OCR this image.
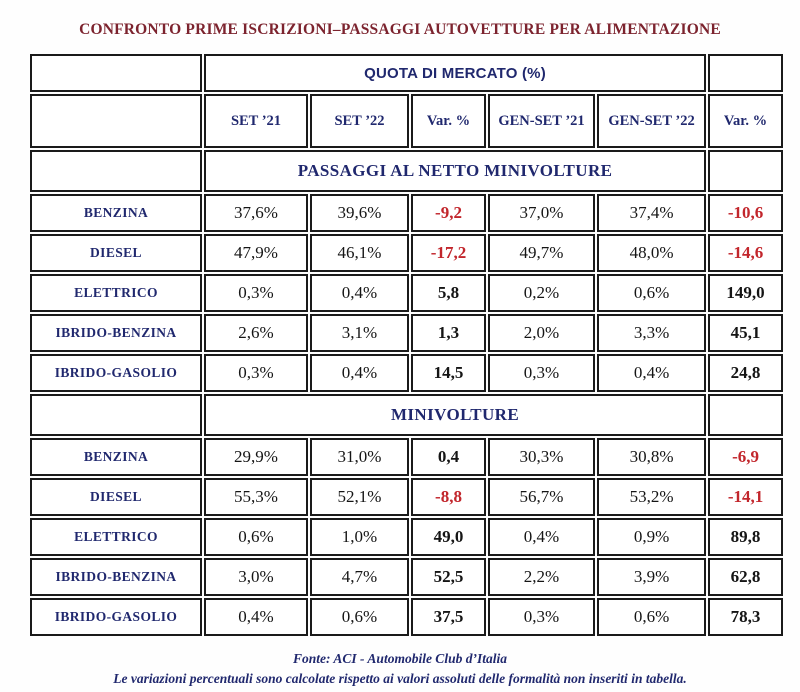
CONFRONTO PRIME ISCRIZIONI–PASSAGGI AUTOVETTURE PER ALIMENTAZIONE
	QUOTA DI MERCATO (%)					
	SET ’21	SET ’22	Var. %	GEN-SET ’21	GEN-SET ’22	Var. %
	PASSAGGI AL NETTO MINIVOLTURE					
BENZINA	37,6%	39,6%	-9,2	37,0%	37,4%	-10,6
DIESEL	47,9%	46,1%	-17,2	49,7%	48,0%	-14,6
ELETTRICO	0,3%	0,4%	5,8	0,2%	0,6%	149,0
IBRIDO-BENZINA	2,6%	3,1%	1,3	2,0%	3,3%	45,1
IBRIDO-GASOLIO	0,3%	0,4%	14,5	0,3%	0,4%	24,8
	MINIVOLTURE					
BENZINA	29,9%	31,0%	0,4	30,3%	30,8%	-6,9
DIESEL	55,3%	52,1%	-8,8	56,7%	53,2%	-14,1
ELETTRICO	0,6%	1,0%	49,0	0,4%	0,9%	89,8
IBRIDO-BENZINA	3,0%	4,7%	52,5	2,2%	3,9%	62,8
IBRIDO-GASOLIO	0,4%	0,6%	37,5	0,3%	0,6%	78,3
Fonte: ACI - Automobile Club d’Italia
Le variazioni percentuali sono calcolate rispetto ai valori assoluti delle formalità non inseriti in tabella.
